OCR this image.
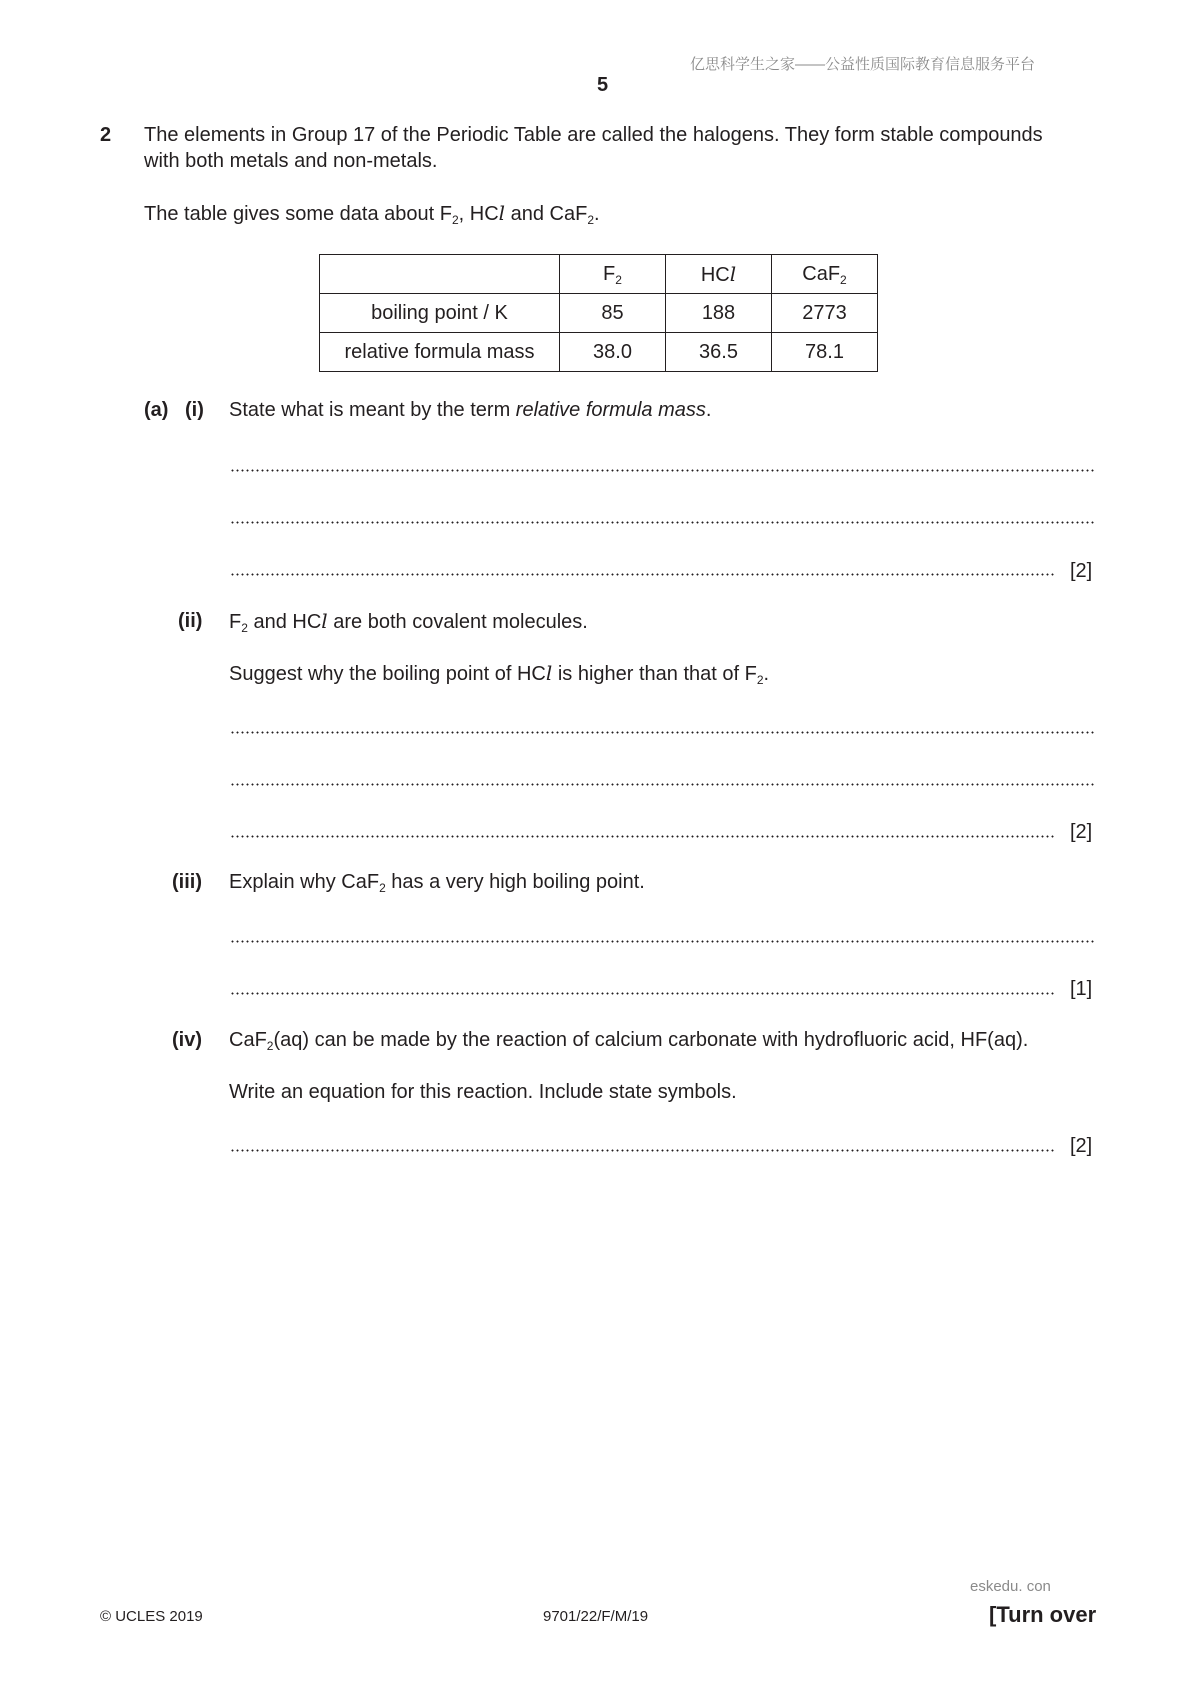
亿思科学生之家——公益性质国际教育信息服务平台
5
2 The elements in Group 17 of the Periodic Table are called the halogens. They form stable compounds
with both metals and non-metals.
The table gives some data about $F_2$, HCl and CaF$_2$.
	$F_2$	HCl	CaF$_2$
boiling point / K	85	188	2773
relative formula mass	38.0	36.5	78.1
(a) (i) State what is meant by the term relative formula mass.
[2]
(ii) $F_2$ and HCl are both covalent molecules.
Suggest why the boiling point of HCl is higher than that of $F_2$.
[2]
(iii) Explain why CaF$_2$ has a very high boiling point.
[1]
(iv) CaF$_2$(aq) can be made by the reaction of calcium carbonate with hydrofluoric acid, HF(aq).
Write an equation for this reaction. Include state symbols.
[2]
eskedu. con
© UCLES 2019	9701/22/F/M/19	[Turn over
